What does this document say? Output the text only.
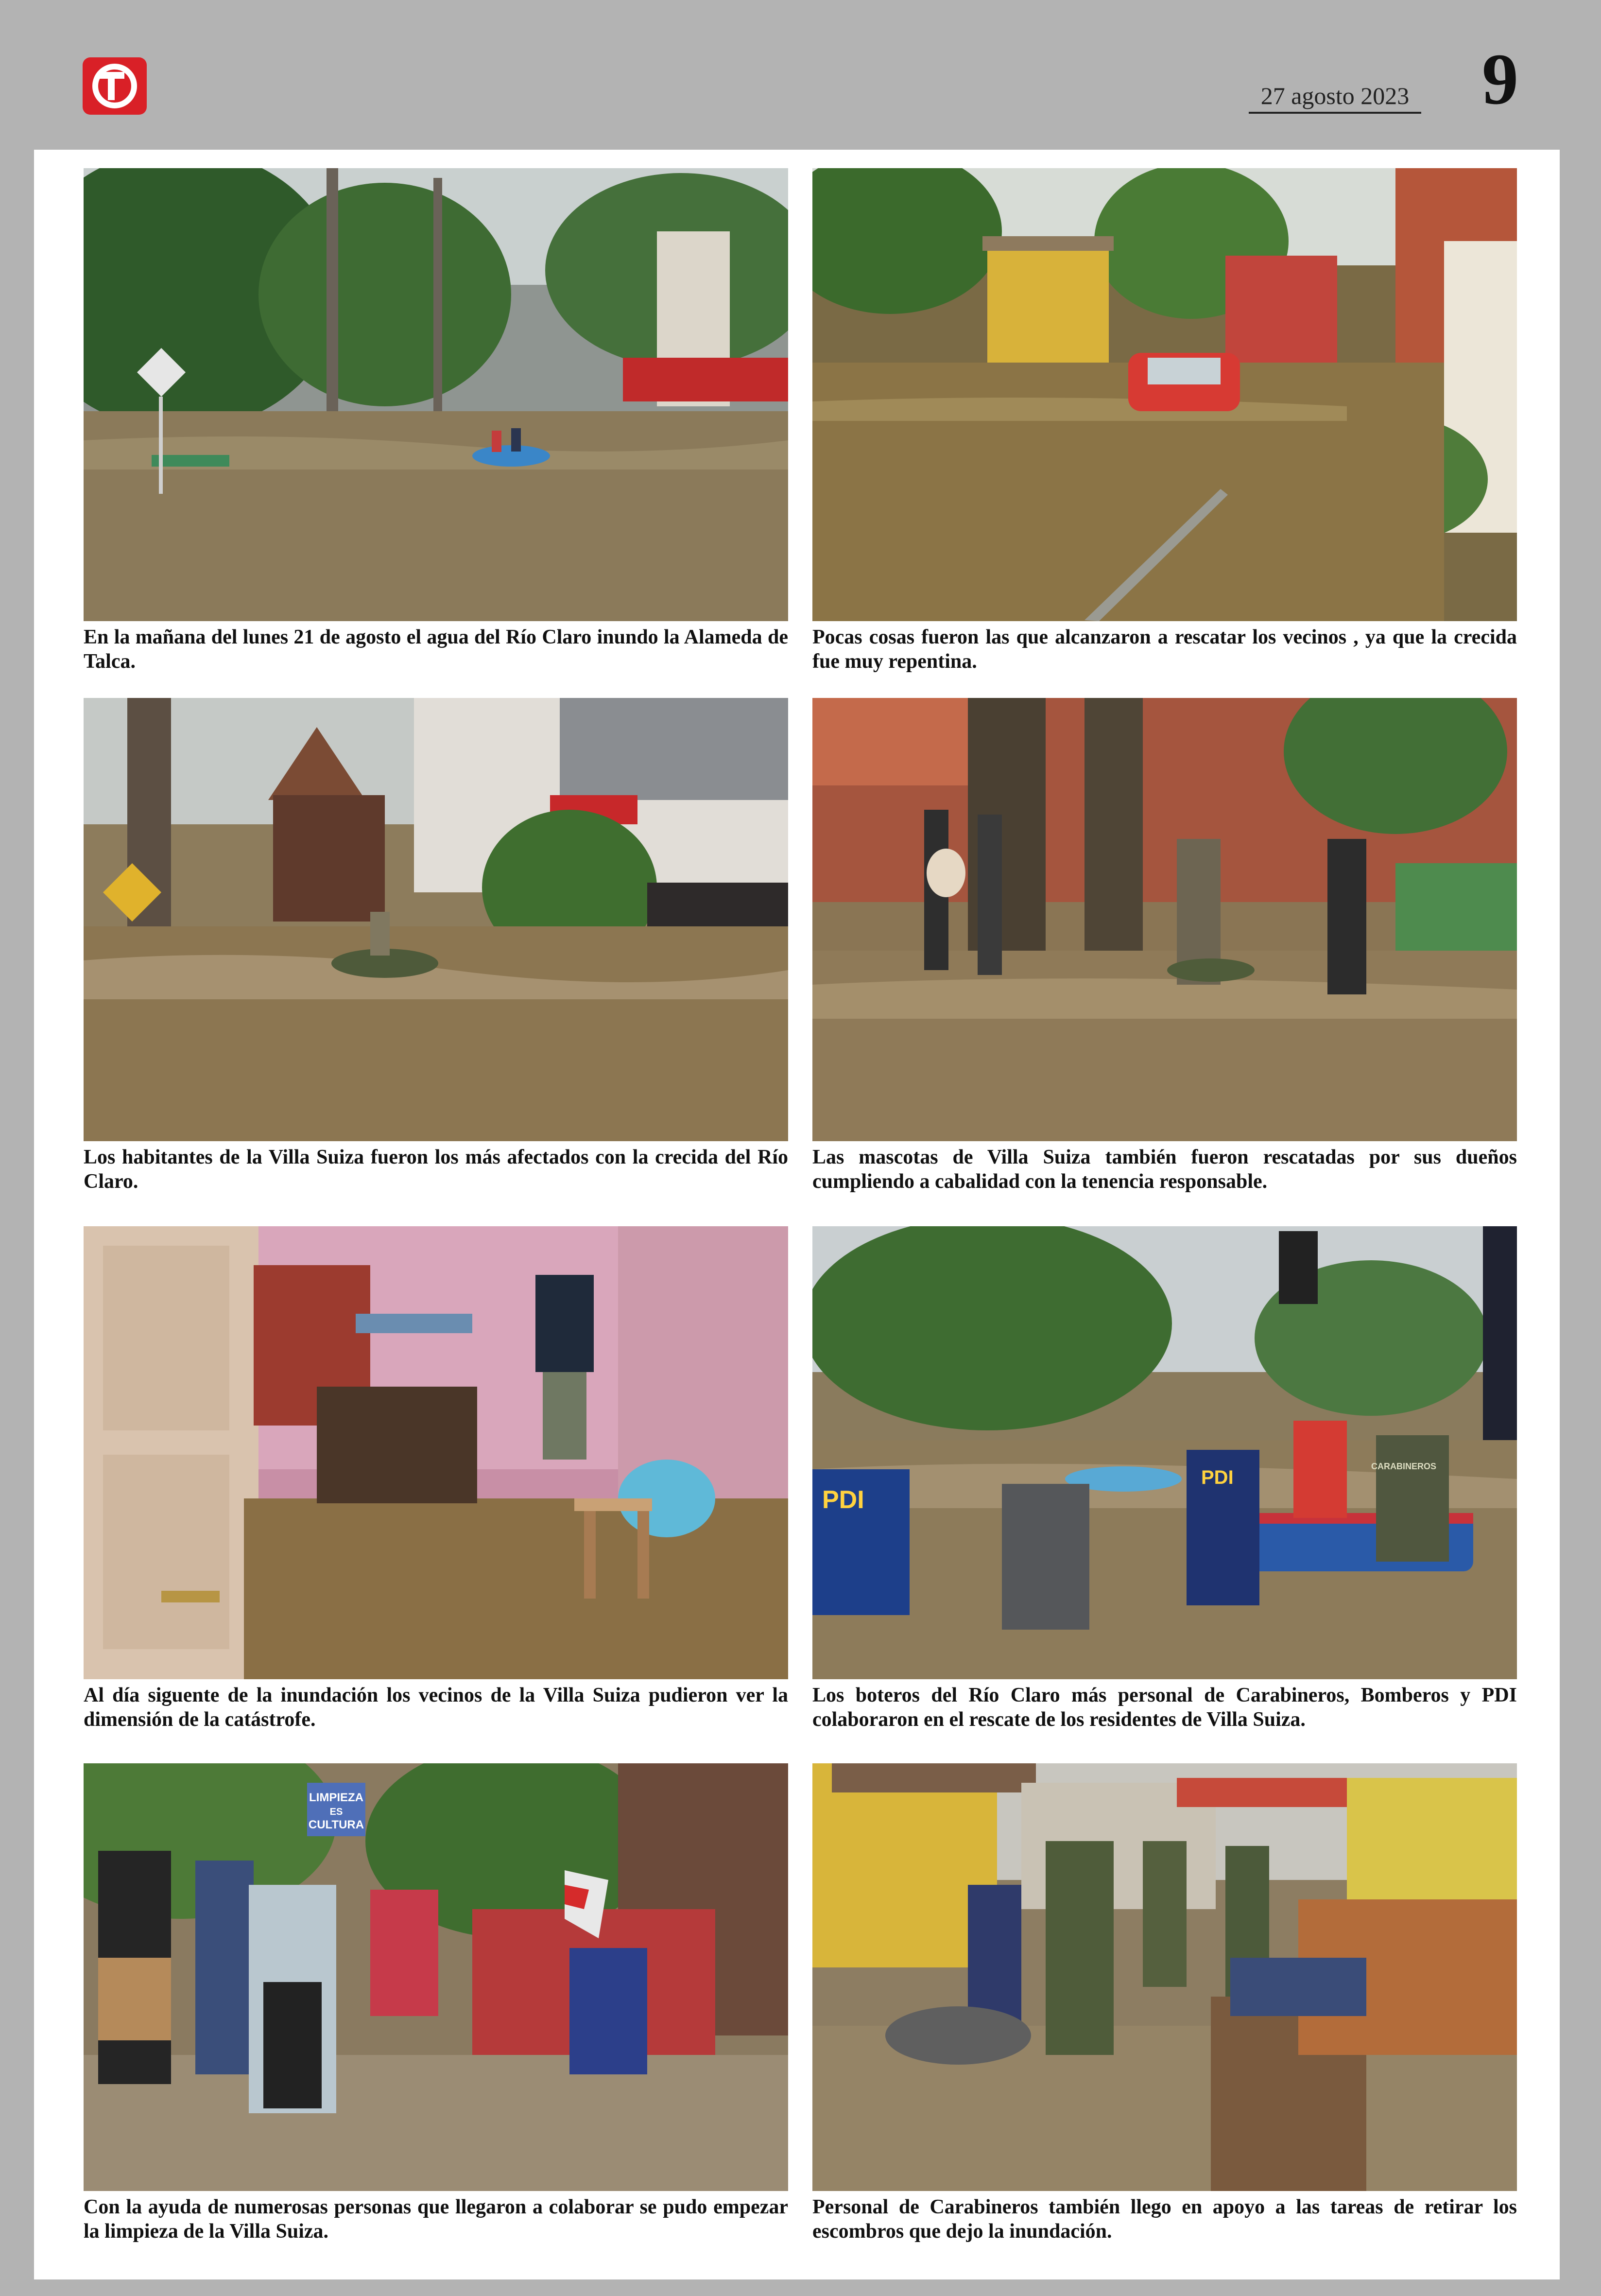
27 agosto 2023 9
En la mañana del lunes 21 de agosto el agua del Río Claro inundo la Alameda de Talca.
Pocas cosas fueron las que alcanzaron a rescatar los vecinos , ya que la crecida fue muy repentina.
Los habitantes de la Villa Suiza fueron los más afectados con la crecida del Río Claro.
Las mascotas de Villa Suiza también fueron rescatadas por sus dueños cumpliendo a cabalidad con la tenencia responsable.
Al día siguente de la inundación los vecinos de la Villa Suiza pudieron ver la dimensión de la catástrofe.
PDI
PDI
CARABINEROS
Los boteros del Río Claro más personal de Carabineros, Bomberos y PDI colaboraron en el rescate de los residentes de Villa Suiza.
LIMPIEZA
ES
CULTURA
Con la ayuda de numerosas personas que llegaron a colaborar se pudo empezar la limpieza de la Villa Suiza.
Personal de Carabineros también llego en apoyo a las tareas de retirar los escombros que dejo la inundación.
